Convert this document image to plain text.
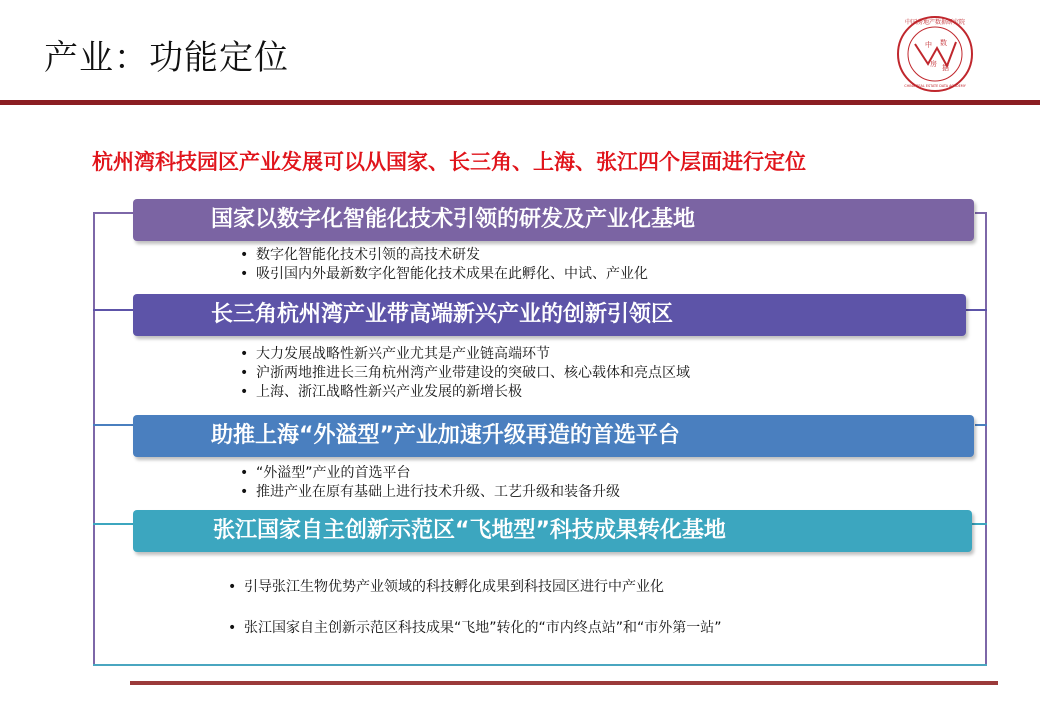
产业：功能定位
中国房地产数据研究院
中 数
房 据
CHINA REAL ESTATE DATA ACADEMY
杭州湾科技园区产业发展可以从国家、长三角、上海、张江四个层面进行定位
国家以数字化智能化技术引领的研发及产业化基地
• 数字化智能化技术引领的高技术研发
• 吸引国内外最新数字化智能化技术成果在此孵化、中试、产业化
长三角杭州湾产业带高端新兴产业的创新引领区
• 大力发展战略性新兴产业尤其是产业链高端环节
• 沪浙两地推进长三角杭州湾产业带建设的突破口、核心载体和亮点区域
• 上海、浙江战略性新兴产业发展的新增长极
助推上海“外溢型”产业加速升级再造的首选平台
• “外溢型”产业的首选平台
• 推进产业在原有基础上进行技术升级、工艺升级和装备升级
张江国家自主创新示范区“飞地型”科技成果转化基地
• 引导张江生物优势产业领域的科技孵化成果到科技园区进行中产业化
• 张江国家自主创新示范区科技成果“飞地”转化的“市内终点站”和“市外第一站”
